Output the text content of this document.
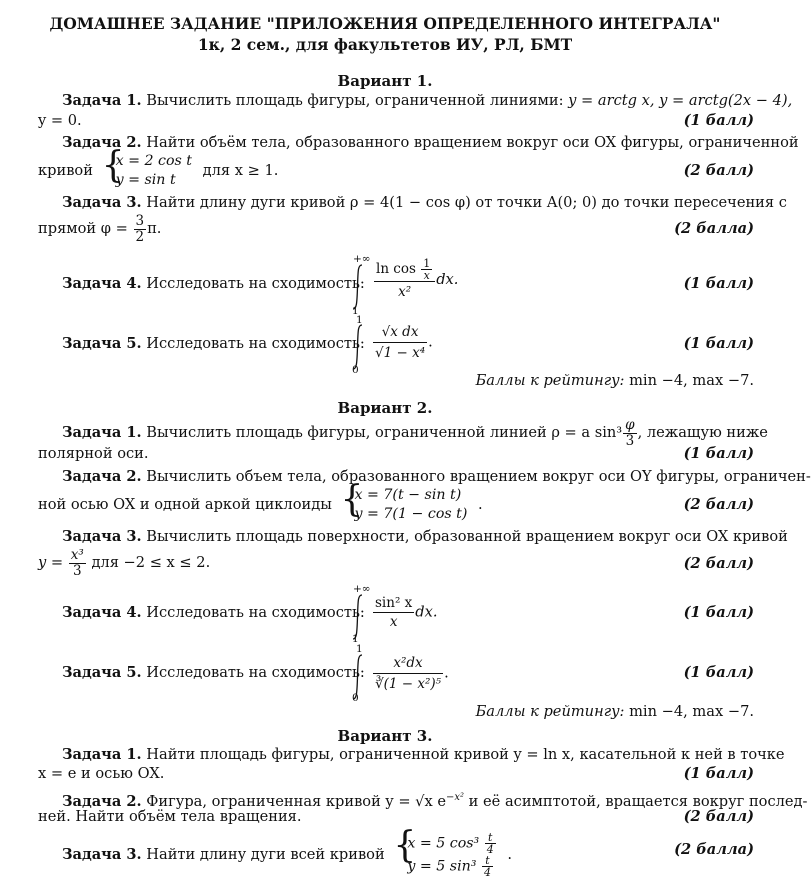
ДОМАШНЕЕ ЗАДАНИЕ "ПРИЛОЖЕНИЯ ОПРЕДЕЛЕННОГО ИНТЕГРАЛА"
1к, 2 сем., для факультетов ИУ, РЛ, БМТ
Вариант 1.
Задача 1. Вычислить площадь фигуры, ограниченной линиями: y = arctg x, y = arctg(2x − 4),
y = 0.	(1 балл)
Задача 2. Найти объём тела, образованного вращением вокруг оси OX фигуры, ограниченной
кривой {
x = 2 cos t
y = sin t
для x ≥ 1.	(2 балл)
Задача 3. Найти длину дуги кривой ρ = 4(1 − cos φ) от точки A(0; 0) до точки пересечения с
прямой $\varphi = \frac{3}{2} \pi$.	(2 балла)
Задача 4. Исследовать на сходимость:
+∞
1
$\frac{\ln \cos \frac{1}{x}}{\text{x²}}$ dx.	(1 балл)
Задача 5. Исследовать на сходимость:
1
0
$\frac{\text{√x dx}}{\text{√1 − x⁴}}$ .	(1 балл)
Баллы к рейтингу: min −4, max −7.
Вариант 2.
Задача 1. Вычислить площадь фигуры, ограниченной линией ρ = a $\sin^3 \frac{\varphi}{3}$ , лежащую ниже
полярной оси.	(1 балл)
Задача 2. Вычислить объем тела, образованного вращением вокруг оси OY фигуры, ограничен-
ной осью OX и одной аркой циклоиды {
x = 7(t − sin t)
y = 7(1 − cos t)
.	(2 балл)
Задача 3. Вычислить площадь поверхности, образованной вращением вокруг оси OX кривой
$y = \frac{\text{x³}}{3}$ для −2 ≤ x ≤ 2.	(2 балл)
Задача 4. Исследовать на сходимость:
+∞
1
$\frac{\text{sin² x}}{x}$ dx.	(1 балл)
Задача 5. Исследовать на сходимость:
1
0
$\frac{\text{x²dx}}{\text{∛(1 − x²)⁵}}$ .	(1 балл)
Баллы к рейтингу: min −4, max −7.
Вариант 3.
Задача 1. Найти площадь фигуры, ограниченной кривой y = ln x, касательной к ней в точке
x = e и осью OX.	(1 балл)
Задача 2. Фигура, ограниченная кривой y = √x $e^{-x^2}$ и её асимптотой, вращается вокруг послед-
ней. Найти объём тела вращения.	(2 балл)
Задача 3. Найти длину дуги всей кривой {
x = 5 $\cos^3 \frac{t}{4}$
y = 5 $\sin^3 \frac{t}{4}$
.	(2 балла)
